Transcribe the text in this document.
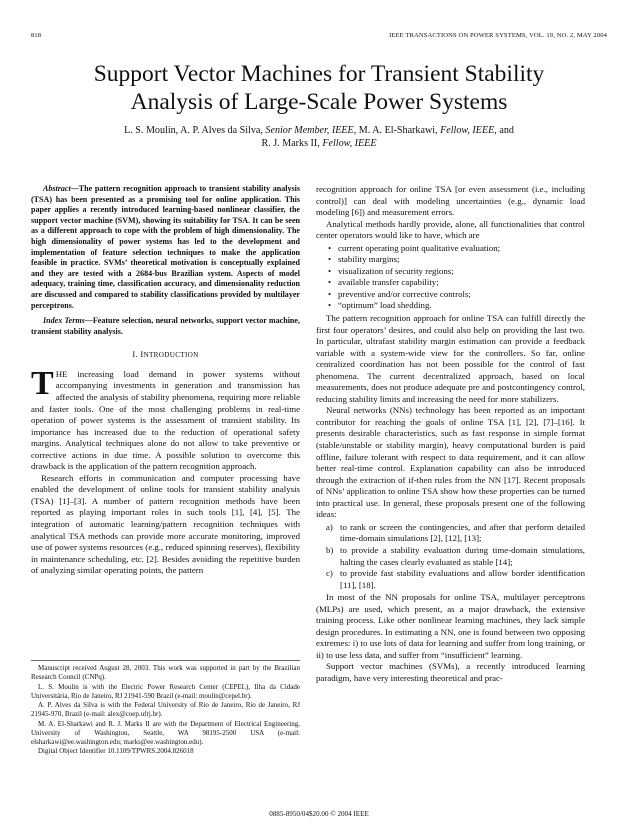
818	IEEE TRANSACTIONS ON POWER SYSTEMS, VOL. 19, NO. 2, MAY 2004
Support Vector Machines for Transient Stability
Analysis of Large-Scale Power Systems
L. S. Moulin, A. P. Alves da Silva, Senior Member, IEEE, M. A. El-Sharkawi, Fellow, IEEE, and
R. J. Marks II, Fellow, IEEE

Abstract—The pattern recognition approach to transient stability analysis (TSA) has been presented as a promising tool for online application. This paper applies a recently introduced learning-based nonlinear classifier, the support vector machine (SVM), showing its suitability for TSA. It can be seen as a different approach to cope with the problem of high dimensionality. The high dimensionality of power systems has led to the development and implementation of feature selection techniques to make the application feasible in practice. SVMs’ theoretical motivation is conceptually explained and they are tested with a 2684-bus Brazilian system. Aspects of model adequacy, training time, classification accuracy, and dimensionality reduction are discussed and compared to stability classifications provided by multilayer perceptrons.

Index Terms—Feature selection, neural networks, support vector machine, transient stability analysis.

I. INTRODUCTION

THE increasing load demand in power systems without accompanying investments in generation and transmission has affected the analysis of stability phenomena, requiring more reliable and faster tools. One of the most challenging problems in real-time operation of power systems is the assessment of transient stability. Its importance has increased due to the reduction of operational safety margins. Analytical techniques alone do not allow to take preventive or corrective actions in due time. A possible solution to overcome this drawback is the application of the pattern recognition approach.

Research efforts in communication and computer processing have enabled the development of online tools for transient stability analysis (TSA) [1]–[3]. A number of pattern recognition methods have been reported as playing important roles in such tools [1], [4], [5]. The integration of automatic learning/pattern recognition techniques with analytical TSA methods can provide more accurate monitoring, improved use of power systems resources (e.g., reduced spinning reserves), flexibility in maintenance scheduling, etc. [2]. Besides avoiding the repetitive burden of analyzing similar operating points, the pattern

Manuscript received August 28, 2003. This work was supported in part by the Brazilian Research Council (CNPq).

L. S. Moulin is with the Electric Power Research Center (CEPEL), Ilha da Cidade Universitária, Rio de Janeiro, RJ 21941-590 Brazil (e-mail: moulin@cepel.br).

A. P. Alves da Silva is with the Federal University of Rio de Janeiro, Rio de Janeiro, RJ 21945-970, Brazil (e-mail: alex@coep.ufrj.br).

M. A. El-Sharkawi and R. J. Marks II are with the Department of Electrical Engineering, University of Washington, Seattle, WA 98195-2500 USA (e-mail: elsharkawi@ee.washington.edu; marks@ee.washington.edu).

Digital Object Identifier 10.1109/TPWRS.2004.826018

recognition approach for online TSA [or even assessment (i.e., including control)] can deal with modeling uncertainties (e.g., dynamic load modeling [6]) and measurement errors.

Analytical methods hardly provide, alone, all functionalities that control center operators would like to have, which are

• current operating point qualitative evaluation;
• stability margins;
• visualization of security regions;
• available transfer capability;
• preventive and/or corrective controls;
• “optimum” load shedding.

The pattern recognition approach for online TSA can fulfill directly the first four operators’ desires, and could also help on providing the last two. In particular, ultrafast stability margin estimation can provide a feedback variable with a system-wide view for the controllers. So far, online centralized coordination has not been possible for the control of fast phenomena. The current decentralized approach, based on local measurements, does not produce adequate pre and postcontingency control, reducing stability limits and increasing the need for more stabilizers.

Neural networks (NNs) technology has been reported as an important contributor for reaching the goals of online TSA [1], [2], [7]–[16]. It presents desirable characteristics, such as fast response in simple format (stable/unstable or stability margin), heavy computational burden is paid offline, failure tolerant with respect to data requirement, and it can allow better real-time control. Explanation capability can also be introduced through the extraction of if-then rules from the NN [17]. Recent proposals of NNs’ application to online TSA show how these properties can be turned into practical use. In general, these proposals present one of the following ideas:

a) to rank or screen the contingencies, and after that perform detailed time-domain simulations [2], [12], [13];
b) to provide a stability evaluation during time-domain simulations, halting the cases clearly evaluated as stable [14];
c) to provide fast stability evaluations and allow border identification [11], [18].

In most of the NN proposals for online TSA, multilayer perceptrons (MLPs) are used, which present, as a major drawback, the extensive training process. Like other nonlinear learning machines, they lack simple design procedures. In estimating a NN, one is found between two opposing extremes: i) to use lots of data for learning and suffer from long training, or ii) to use less data, and suffer from “insufficient” learning.

Support vector machines (SVMs), a recently introduced learning paradigm, have very interesting theoretical and prac-

0885-8950/04$20.00 © 2004 IEEE
